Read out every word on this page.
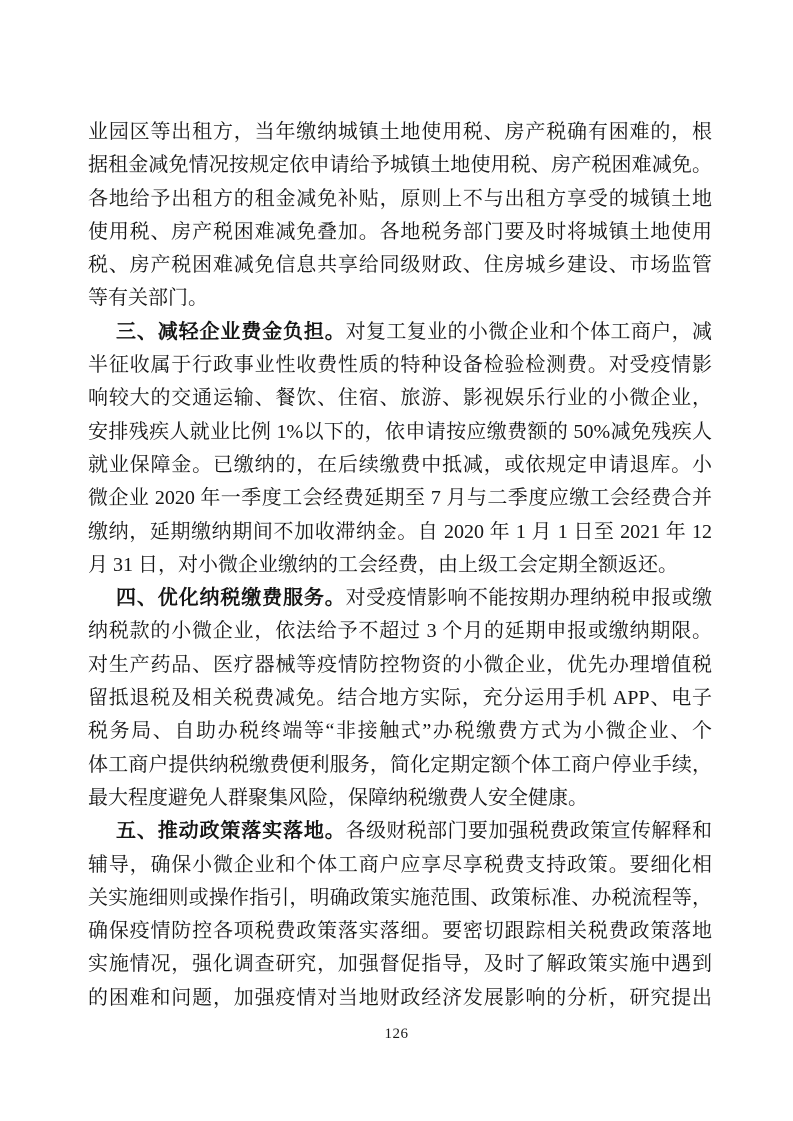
业园区等出租方，当年缴纳城镇土地使用税、房产税确有困难的，根
据租金减免情况按规定依申请给予城镇土地使用税、房产税困难减免。
各地给予出租方的租金减免补贴，原则上不与出租方享受的城镇土地
使用税、房产税困难减免叠加。各地税务部门要及时将城镇土地使用
税、房产税困难减免信息共享给同级财政、住房城乡建设、市场监管
等有关部门。
三、减轻企业费金负担。对复工复业的小微企业和个体工商户，减
半征收属于行政事业性收费性质的特种设备检验检测费。对受疫情影
响较大的交通运输、餐饮、住宿、旅游、影视娱乐行业的小微企业，
安排残疾人就业比例 1%以下的，依申请按应缴费额的 50%减免残疾人
就业保障金。已缴纳的，在后续缴费中抵减，或依规定申请退库。小
微企业 2020 年一季度工会经费延期至 7 月与二季度应缴工会经费合并
缴纳，延期缴纳期间不加收滞纳金。自 2020 年 1 月 1 日至 2021 年 12
月 31 日，对小微企业缴纳的工会经费，由上级工会定期全额返还。
四、优化纳税缴费服务。对受疫情影响不能按期办理纳税申报或缴
纳税款的小微企业，依法给予不超过 3 个月的延期申报或缴纳期限。
对生产药品、医疗器械等疫情防控物资的小微企业，优先办理增值税
留抵退税及相关税费减免。结合地方实际，充分运用手机 APP、电子
税务局、自助办税终端等“非接触式”办税缴费方式为小微企业、个
体工商户提供纳税缴费便利服务，简化定期定额个体工商户停业手续，
最大程度避免人群聚集风险，保障纳税缴费人安全健康。
五、推动政策落实落地。各级财税部门要加强税费政策宣传解释和
辅导，确保小微企业和个体工商户应享尽享税费支持政策。要细化相
关实施细则或操作指引，明确政策实施范围、政策标准、办税流程等，
确保疫情防控各项税费政策落实落细。要密切跟踪相关税费政策落地
实施情况，强化调查研究，加强督促指导，及时了解政策实施中遇到
的困难和问题，加强疫情对当地财政经济发展影响的分析，研究提出
126
